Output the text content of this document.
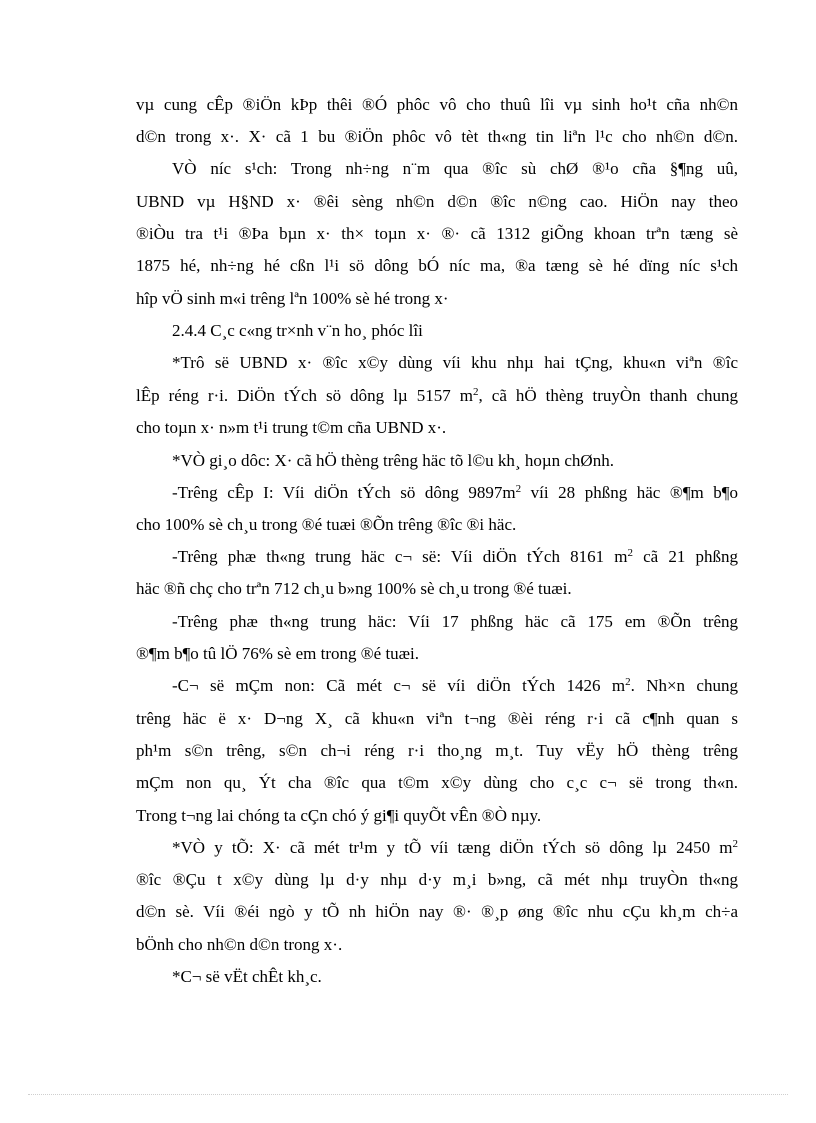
vµ cung cÊp ®iÖn kÞp thêi ®Ó phôc vô cho thuû lîi vµ sinh ho¹t cña nh©n
d©n trong x·. X· cã 1 bu ®iÖn phôc vô tèt th«ng tin liªn l¹c cho nh©n d©n.
VÒ níc s¹ch: Trong nh÷ng n¨m qua ®îc sù chØ ®¹o cña §¶ng uû,
UBND vµ H§ND x· ®êi sèng nh©n d©n ®îc n©ng cao. HiÖn nay theo
®iÒu tra t¹i ®Þa bµn x· th× toµn x· ®· cã 1312 giÕng khoan trªn tæng sè
1875 hé, nh÷ng hé cßn l¹i sö dông bÓ níc ma, ®a tæng sè hé dïng níc s¹ch
hîp vÖ sinh m«i trêng lªn 100% sè hé trong x·
2.4.4 C¸c c«ng tr×nh v¨n ho¸ phóc lîi
*Trô së UBND x· ®îc x©y dùng víi khu nhµ hai tÇng, khu«n viªn ®îc
lÊp réng r·i. DiÖn tÝch sö dông lµ 5157 $m^2$, cã hÖ thèng truyÒn thanh chung
cho toµn x· n»m t¹i trung t©m cña UBND x·.
*VÒ gi¸o dôc: X· cã hÖ thèng trêng häc tõ l©u kh¸ hoµn chØnh.
-Trêng cÊp I: Víi diÖn tÝch sö dông $9897m^2$ víi 28 phßng häc ®¶m b¶o
cho 100% sè ch¸u trong ®é tuæi ®Õn trêng ®îc ®i häc.
-Trêng phæ th«ng trung häc c¬ së: Víi diÖn tÝch 8161 $m^2$ cã 21 phßng
häc ®ñ chç cho trªn 712 ch¸u b»ng 100% sè ch¸u trong ®é tuæi.
-Trêng phæ th«ng trung häc: Víi 17 phßng häc cã 175 em ®Õn trêng
®¶m b¶o tû lÖ 76% sè em trong ®é tuæi.
-C¬ së mÇm non: Cã mét c¬ së víi diÖn tÝch 1426 $m^2$. Nh×n chung
trêng häc ë x· D¬ng X¸ cã khu«n viªn t¬ng ®èi réng r·i cã c¶nh quan s
ph¹m s©n trêng, s©n ch¬i réng r·i tho¸ng m¸t. Tuy vËy hÖ thèng trêng
mÇm non qu¸ Ýt cha ®îc qua t©m x©y dùng cho c¸c c¬ së trong th«n.
Trong t¬ng lai chóng ta cÇn chó ý gi¶i quyÕt vÊn ®Ò nµy.
*VÒ y tÕ: X· cã mét tr¹m y tÕ víi tæng diÖn tÝch sö dông lµ 2450 $m^2$
®îc ®Çu t x©y dùng lµ d·y nhµ d·y m¸i b»ng, cã mét nhµ truyÒn th«ng
d©n sè. Víi ®éi ngò y tÕ nh hiÖn nay ®· ®¸p øng ®îc nhu cÇu kh¸m ch÷a
bÖnh cho nh©n d©n trong x·.
*C¬ së vËt chÊt kh¸c.
